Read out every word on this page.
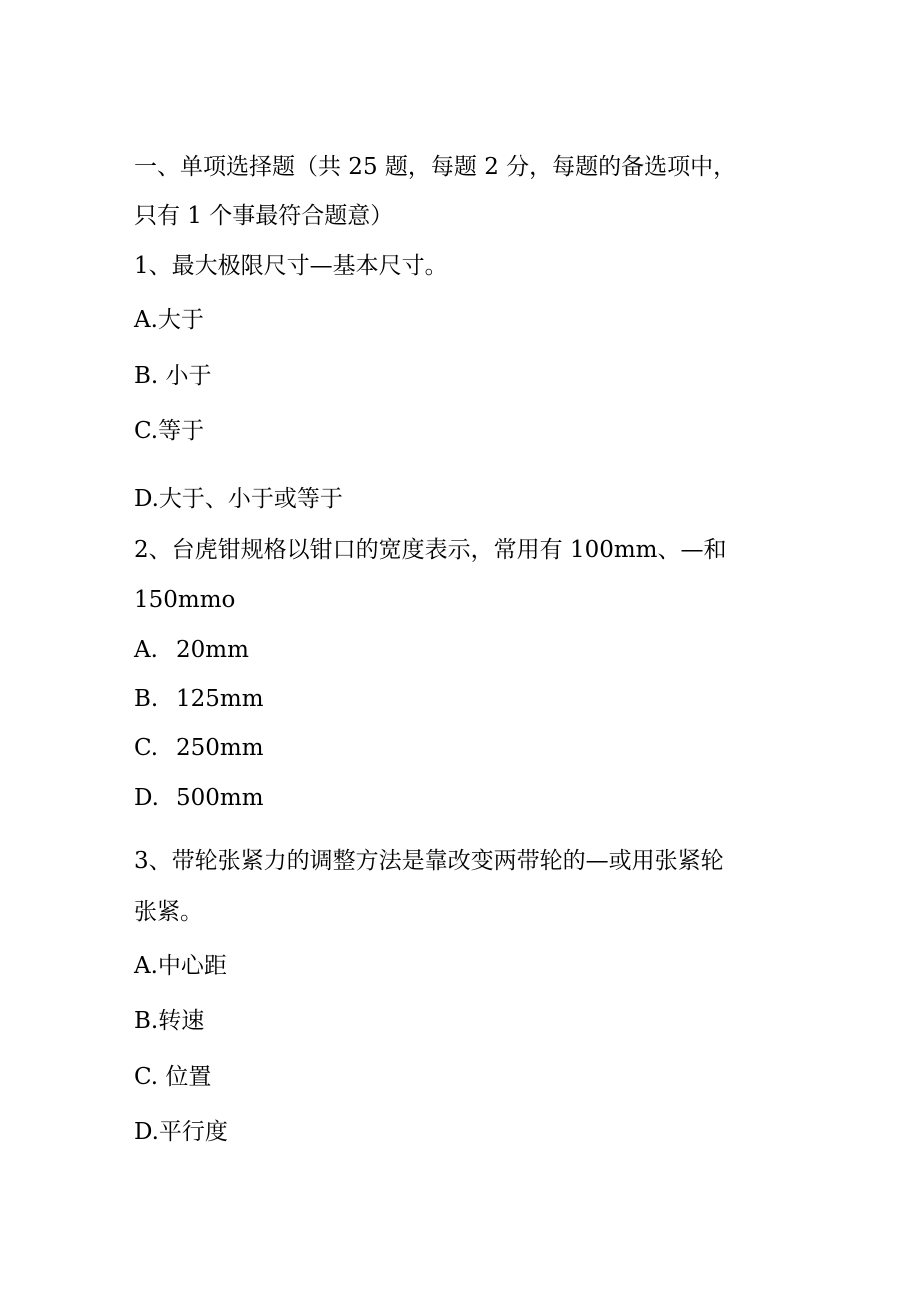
一、单项选择题（共 25 题，每题 2 分，每题的备选项中，
只有 1 个事最符合题意）
1、最大极限尺寸—基本尺寸。
A.大于
B. 小于
C.等于
D.大于、小于或等于
2、台虎钳规格以钳口的宽度表示，常用有 100mm、—和
150mmo
A. 20mm
B. 125mm
C. 250mm
D. 500mm
3、带轮张紧力的调整方法是靠改变两带轮的—或用张紧轮
张紧。
A.中心距
B.转速
C. 位置
D.平行度
